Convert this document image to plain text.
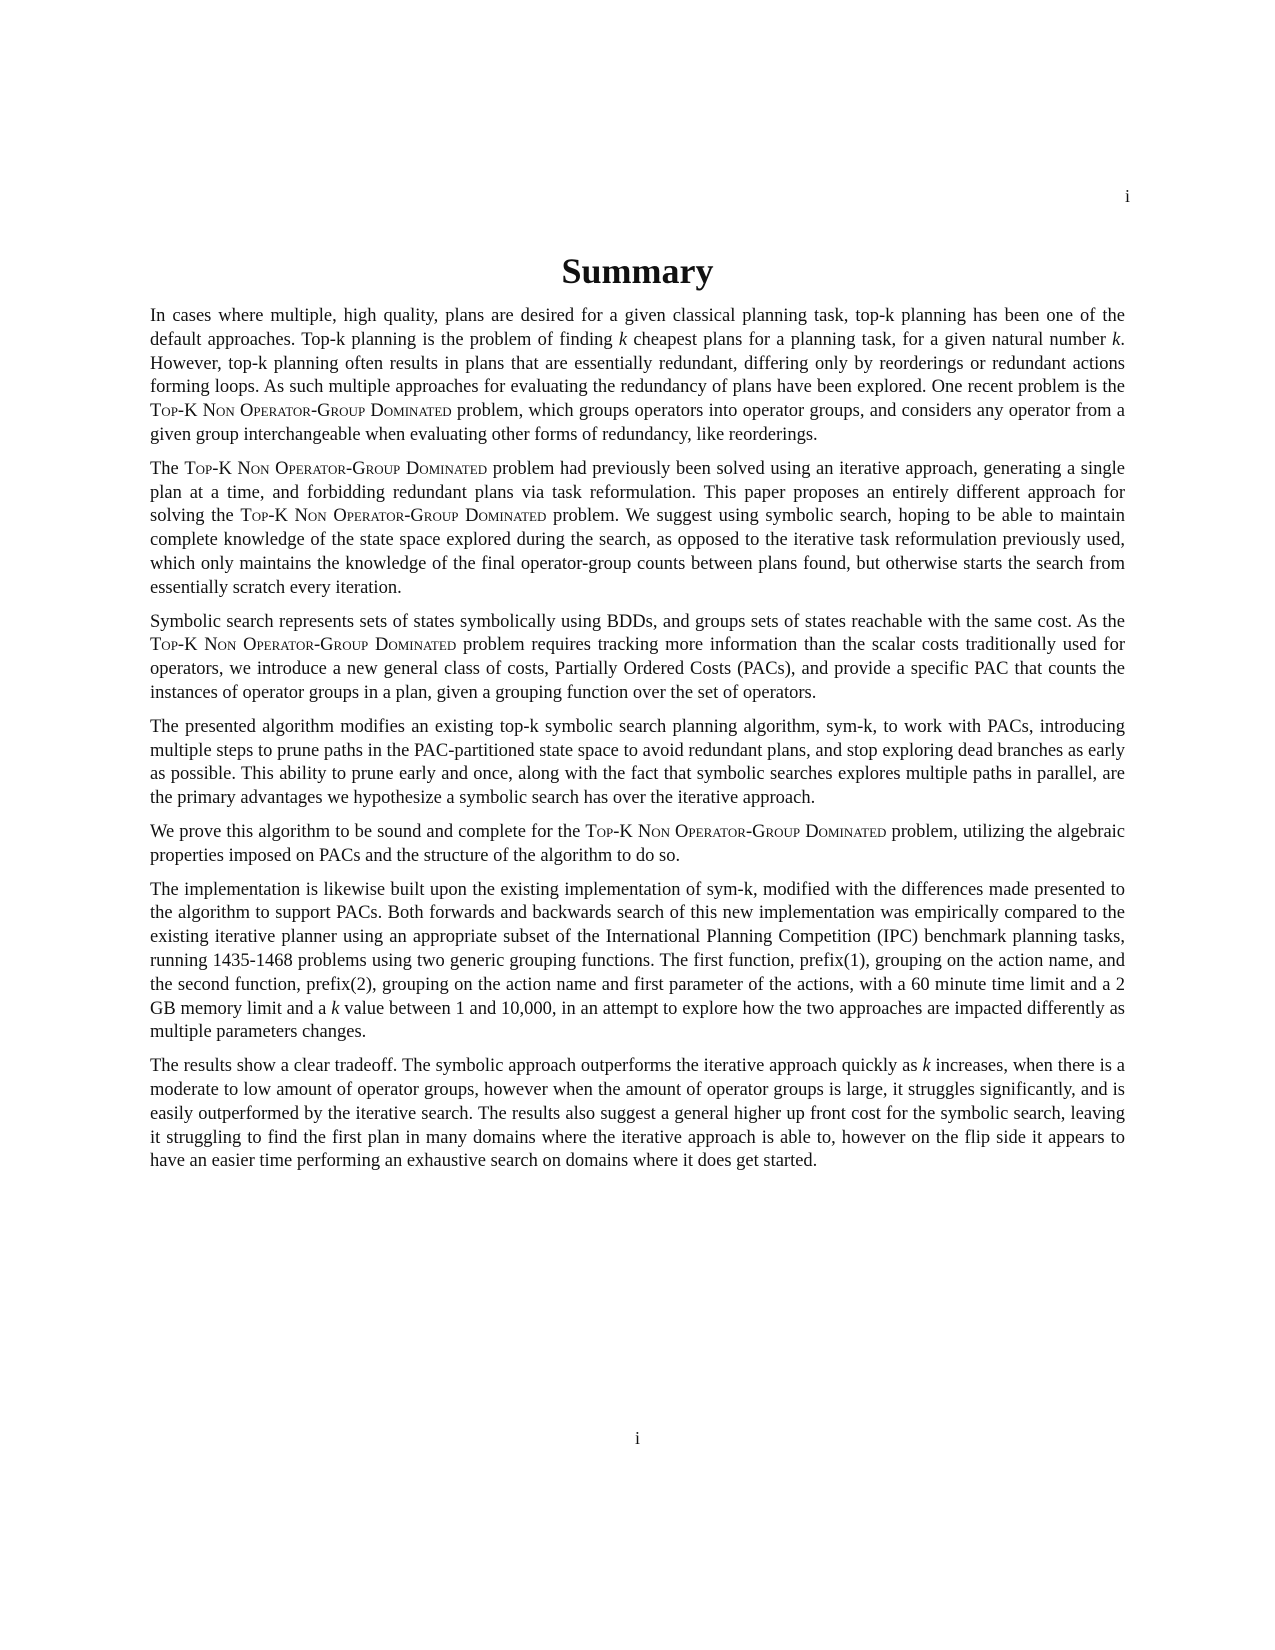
i
Summary

In cases where multiple, high quality, plans are desired for a given classical planning task, top-k planning has been one of the default approaches. Top-k planning is the problem of finding k cheapest plans for a planning task, for a given natural number k. However, top-k planning often results in plans that are essentially redundant, differing only by reorderings or redundant actions forming loops. As such multiple approaches for evaluating the redundancy of plans have been explored. One recent problem is the Top-K Non Operator-Group Dominated problem, which groups operators into operator groups, and considers any operator from a given group interchangeable when evaluating other forms of redundancy, like reorderings.

The Top-K Non Operator-Group Dominated problem had previously been solved using an iterative approach, generating a single plan at a time, and forbidding redundant plans via task reformulation. This paper proposes an entirely different approach for solving the Top-K Non Operator-Group Dominated problem. We suggest using symbolic search, hoping to be able to maintain complete knowledge of the state space explored during the search, as opposed to the iterative task reformulation previously used, which only maintains the knowledge of the final operator-group counts between plans found, but otherwise starts the search from essentially scratch every iteration.

Symbolic search represents sets of states symbolically using BDDs, and groups sets of states reachable with the same cost. As the Top-K Non Operator-Group Dominated problem requires tracking more information than the scalar costs traditionally used for operators, we introduce a new general class of costs, Partially Ordered Costs (PACs), and provide a specific PAC that counts the instances of operator groups in a plan, given a grouping function over the set of operators.

The presented algorithm modifies an existing top-k symbolic search planning algorithm, sym-k, to work with PACs, introducing multiple steps to prune paths in the PAC-partitioned state space to avoid redundant plans, and stop exploring dead branches as early as possible. This ability to prune early and once, along with the fact that symbolic searches explores multiple paths in parallel, are the primary advantages we hypothesize a symbolic search has over the iterative approach.

We prove this algorithm to be sound and complete for the Top-K Non Operator-Group Dominated problem, utilizing the algebraic properties imposed on PACs and the structure of the algorithm to do so.

The implementation is likewise built upon the existing implementation of sym-k, modified with the differences made presented to the algorithm to support PACs. Both forwards and backwards search of this new implementation was empirically compared to the existing iterative planner using an appropriate subset of the International Planning Competition (IPC) benchmark planning tasks, running 1435-1468 problems using two generic grouping functions. The first function, prefix(1), grouping on the action name, and the second function, prefix(2), grouping on the action name and first parameter of the actions, with a 60 minute time limit and a 2 GB memory limit and a k value between 1 and 10,000, in an attempt to explore how the two approaches are impacted differently as multiple parameters changes.

The results show a clear tradeoff. The symbolic approach outperforms the iterative approach quickly as k increases, when there is a moderate to low amount of operator groups, however when the amount of operator groups is large, it struggles significantly, and is easily outperformed by the iterative search. The results also suggest a general higher up front cost for the symbolic search, leaving it struggling to find the first plan in many domains where the iterative approach is able to, however on the flip side it appears to have an easier time performing an exhaustive search on domains where it does get started.

i
